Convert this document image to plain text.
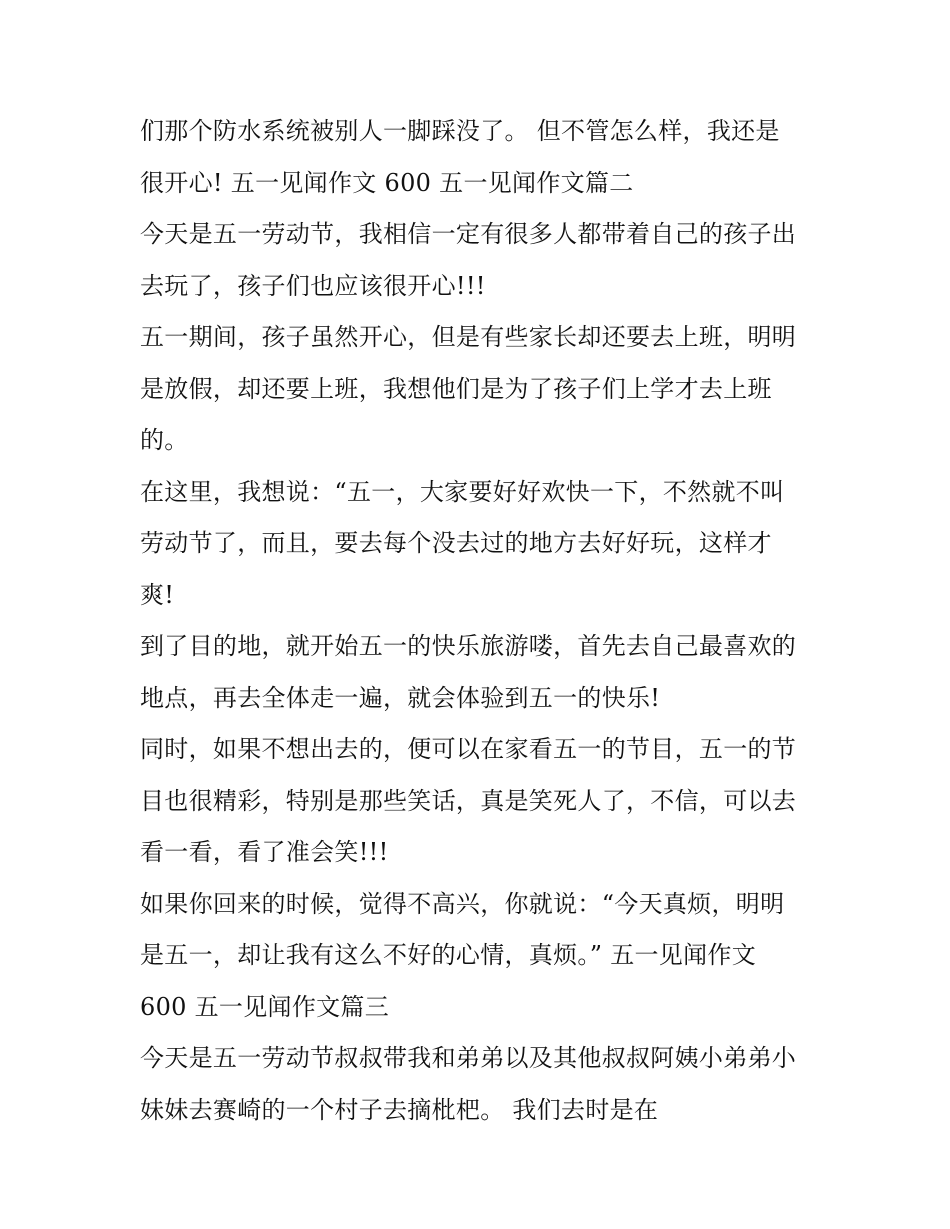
们那个防水系统被别人一脚踩没了。 但不管怎么样，我还是
很开心! 五一见闻作文 600 五一见闻作文篇二
今天是五一劳动节，我相信一定有很多人都带着自己的孩子出
去玩了，孩子们也应该很开心!!!
五一期间，孩子虽然开心，但是有些家长却还要去上班，明明
是放假，却还要上班，我想他们是为了孩子们上学才去上班
的。
在这里，我想说：“五一，大家要好好欢快一下，不然就不叫
劳动节了，而且，要去每个没去过的地方去好好玩，这样才
爽!
到了目的地，就开始五一的快乐旅游喽，首先去自己最喜欢的
地点，再去全体走一遍，就会体验到五一的快乐!
同时，如果不想出去的，便可以在家看五一的节目，五一的节
目也很精彩，特别是那些笑话，真是笑死人了，不信，可以去
看一看，看了准会笑!!!
如果你回来的时候，觉得不高兴，你就说：“今天真烦，明明
是五一，却让我有这么不好的心情，真烦。” 五一见闻作文
600 五一见闻作文篇三
今天是五一劳动节叔叔带我和弟弟以及其他叔叔阿姨小弟弟小
妹妹去赛崎的一个村子去摘枇杷。 我们去时是在
